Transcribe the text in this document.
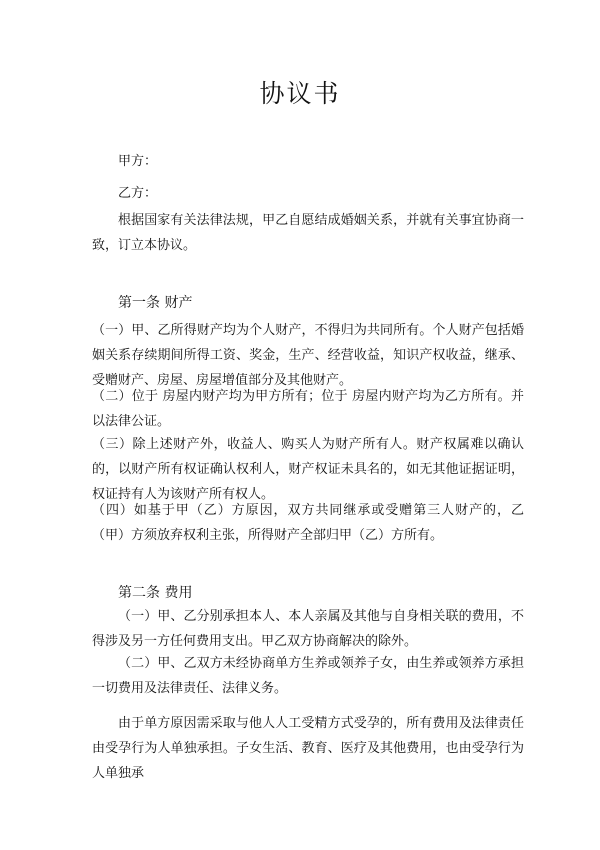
协议书

甲方：

乙方：

根据国家有关法律法规，甲乙自愿结成婚姻关系，并就有关事宜协商一致，订立本协议。

第一条 财产

（一）甲、乙所得财产均为个人财产，不得归为共同所有。个人财产包括婚姻关系存续期间所得工资、奖金，生产、经营收益，知识产权收益，继承、受赠财产、房屋、房屋增值部分及其他财产。

（二）位于 房屋内财产均为甲方所有；位于 房屋内财产均为乙方所有。并以法律公证。

（三）除上述财产外，收益人、购买人为财产所有人。财产权属难以确认的，以财产所有权证确认权利人，财产权证未具名的，如无其他证据证明，权证持有人为该财产所有权人。

（四）如基于甲（乙）方原因，双方共同继承或受赠第三人财产的，乙（甲）方须放弃权利主张，所得财产全部归甲（乙）方所有。

第二条 费用

（一）甲、乙分别承担本人、本人亲属及其他与自身相关联的费用，不得涉及另一方任何费用支出。甲乙双方协商解决的除外。

（二）甲、乙双方未经协商单方生养或领养子女，由生养或领养方承担一切费用及法律责任、法律义务。

由于单方原因需采取与他人人工受精方式受孕的，所有费用及法律责任由受孕行为人单独承担。子女生活、教育、医疗及其他费用，也由受孕行为人单独承
